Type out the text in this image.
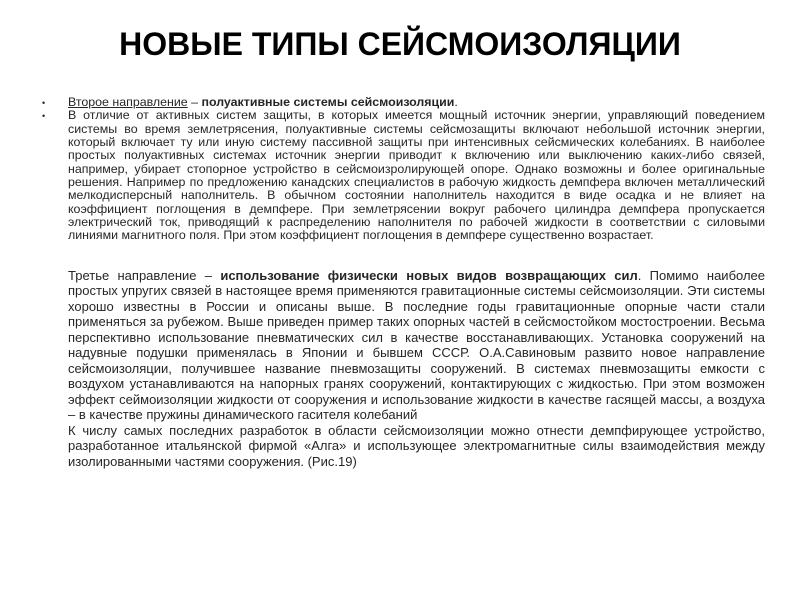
НОВЫЕ ТИПЫ СЕЙСМОИЗОЛЯЦИИ
• Второе направление – полуактивные системы сейсмоизоляции.
• В отличие от активных систем защиты, в которых имеется мощный источник энергии, управляющий поведением системы во время землетрясения, полуактивные системы сейсмозащиты включают небольшой источник энергии, который включает ту или иную систему пассивной защиты при интенсивных сейсмических колебаниях. В наиболее простых полуактивных системах источник энергии приводит к включению или выключению каких-либо связей, например, убирает стопорное устройство в сейсмоизролирующей опоре. Однако возможны и более оригинальные решения. Например по предложению канадских специалистов в рабочую жидкость демпфера включен металлический мелкодисперсный наполнитель. В обычном состоянии наполнитель находится в виде осадка и не влияет на коэффициент поглощения в демпфере. При землетрясении вокруг рабочего цилиндра демпфера пропускается электрический ток, приводящий к распределению наполнителя по рабочей жидкости в соответствии с силовыми линиями магнитного поля. При этом коэффициент поглощения в демпфере существенно возрастает.
Третье направление – использование физически новых видов возвращающих сил. Помимо наиболее простых упругих связей в настоящее время применяются гравитационные системы сейсмоизоляции. Эти системы хорошо известны в России и описаны выше. В последние годы гравитационные опорные части стали применяться за рубежом. Выше приведен пример таких опорных частей в сейсмостойком мостостроении. Весьма перспективно использование пневматических сил в качестве восстанавливающих. Установка сооружений на надувные подушки применялась в Японии и бывшем СССР. О.А.Савиновым развито новое направление сейсмоизоляции, получившее название пневмозащиты сооружений. В системах пневмозащиты емкости с воздухом устанавливаются на напорных гранях сооружений, контактирующих с жидкостью. При этом возможен эффект сеймоизоляции жидкости от сооружения и использование жидкости в качестве гасящей массы, а воздуха – в качестве пружины динамического гасителя колебаний
К числу самых последних разработок в области сейсмоизоляции можно отнести демпфирующее устройство, разработанное итальянской фирмой «Алга» и использующее электромагнитные силы взаимодействия между изолированными частями сооружения. (Рис.19)
